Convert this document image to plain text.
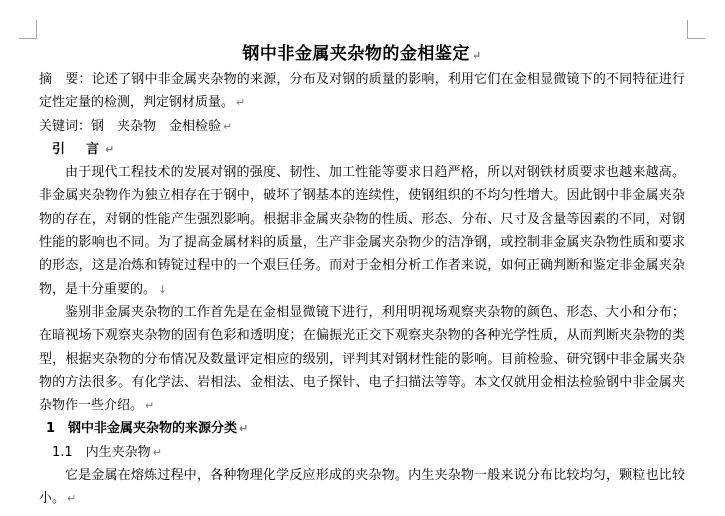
钢中非金属夹杂物的金相鉴定 ↵

摘　要：论述了钢中非金属夹杂物的来源，分布及对钢的质量的影响，利用它们在金相显微镜下的不同特征进行定性定量的检测，判定钢材质量。 ↵

关键词：钢　夹杂物　金相检验 ↵

引　言 ↵

由于现代工程技术的发展对钢的强度、韧性、加工性能等要求日趋严格，所以对钢铁材质要求也越来越高。非金属夹杂物作为独立相存在于钢中，破坏了钢基本的连续性，使钢组织的不均匀性增大。因此钢中非金属夹杂物的存在，对钢的性能产生强烈影响。根据非金属夹杂物的性质、形态、分布、尺寸及含量等因素的不同，对钢性能的影响也不同。为了提高金属材料的质量，生产非金属夹杂物少的洁净钢，或控制非金属夹杂物性质和要求的形态，这是冶炼和铸锭过程中的一个艰巨任务。而对于金相分析工作者来说，如何正确判断和鉴定非金属夹杂物，是十分重要的。 ↓

鉴别非金属夹杂物的工作首先是在金相显微镜下进行，利用明视场观察夹杂物的颜色、形态、大小和分布；在暗视场下观察夹杂物的固有色彩和透明度；在偏振光正交下观察夹杂物的各种光学性质，从而判断夹杂物的类型，根据夹杂物的分布情况及数量评定相应的级别，评判其对钢材性能的影响。目前检验、研究钢中非金属夹杂物的方法很多。有化学法、岩相法、金相法、电子探针、电子扫描法等等。本文仅就用金相法检验钢中非金属夹杂物作一些介绍。 ↵

1　钢中非金属夹杂物的来源分类 ↵

1.1　内生夹杂物 ↵

它是金属在熔炼过程中，各种物理化学反应形成的夹杂物。内生夹杂物一般来说分布比较均匀，颗粒也比较小。 ↵
